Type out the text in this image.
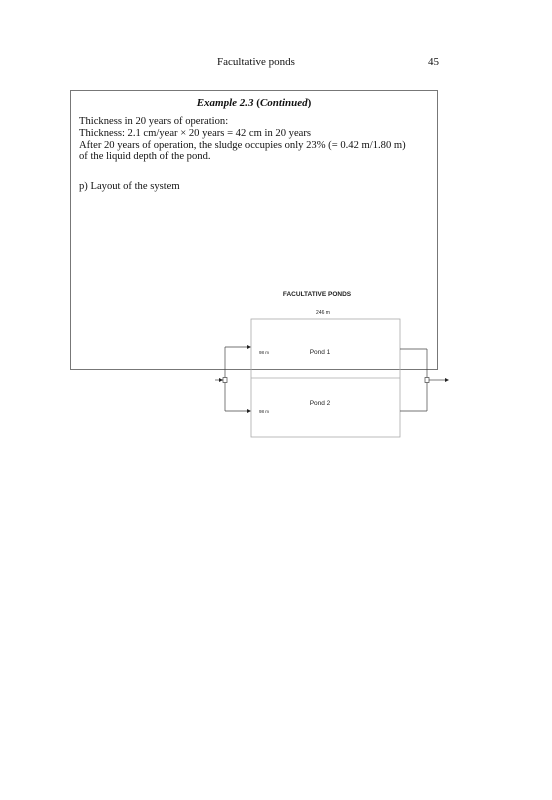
Facultative ponds	45
Example 2.3 (Continued)

Thickness in 20 years of operation:

Thickness: 2.1 cm/year × 20 years = 42 cm in 20 years

After 20 years of operation, the sludge occupies only 23% (= 0.42 m/1.80 m)

of the liquid depth of the pond.

p) Layout of the system
FACULTATIVE PONDS
246 m
Pond 1
98 m
Pond 2
98 m
